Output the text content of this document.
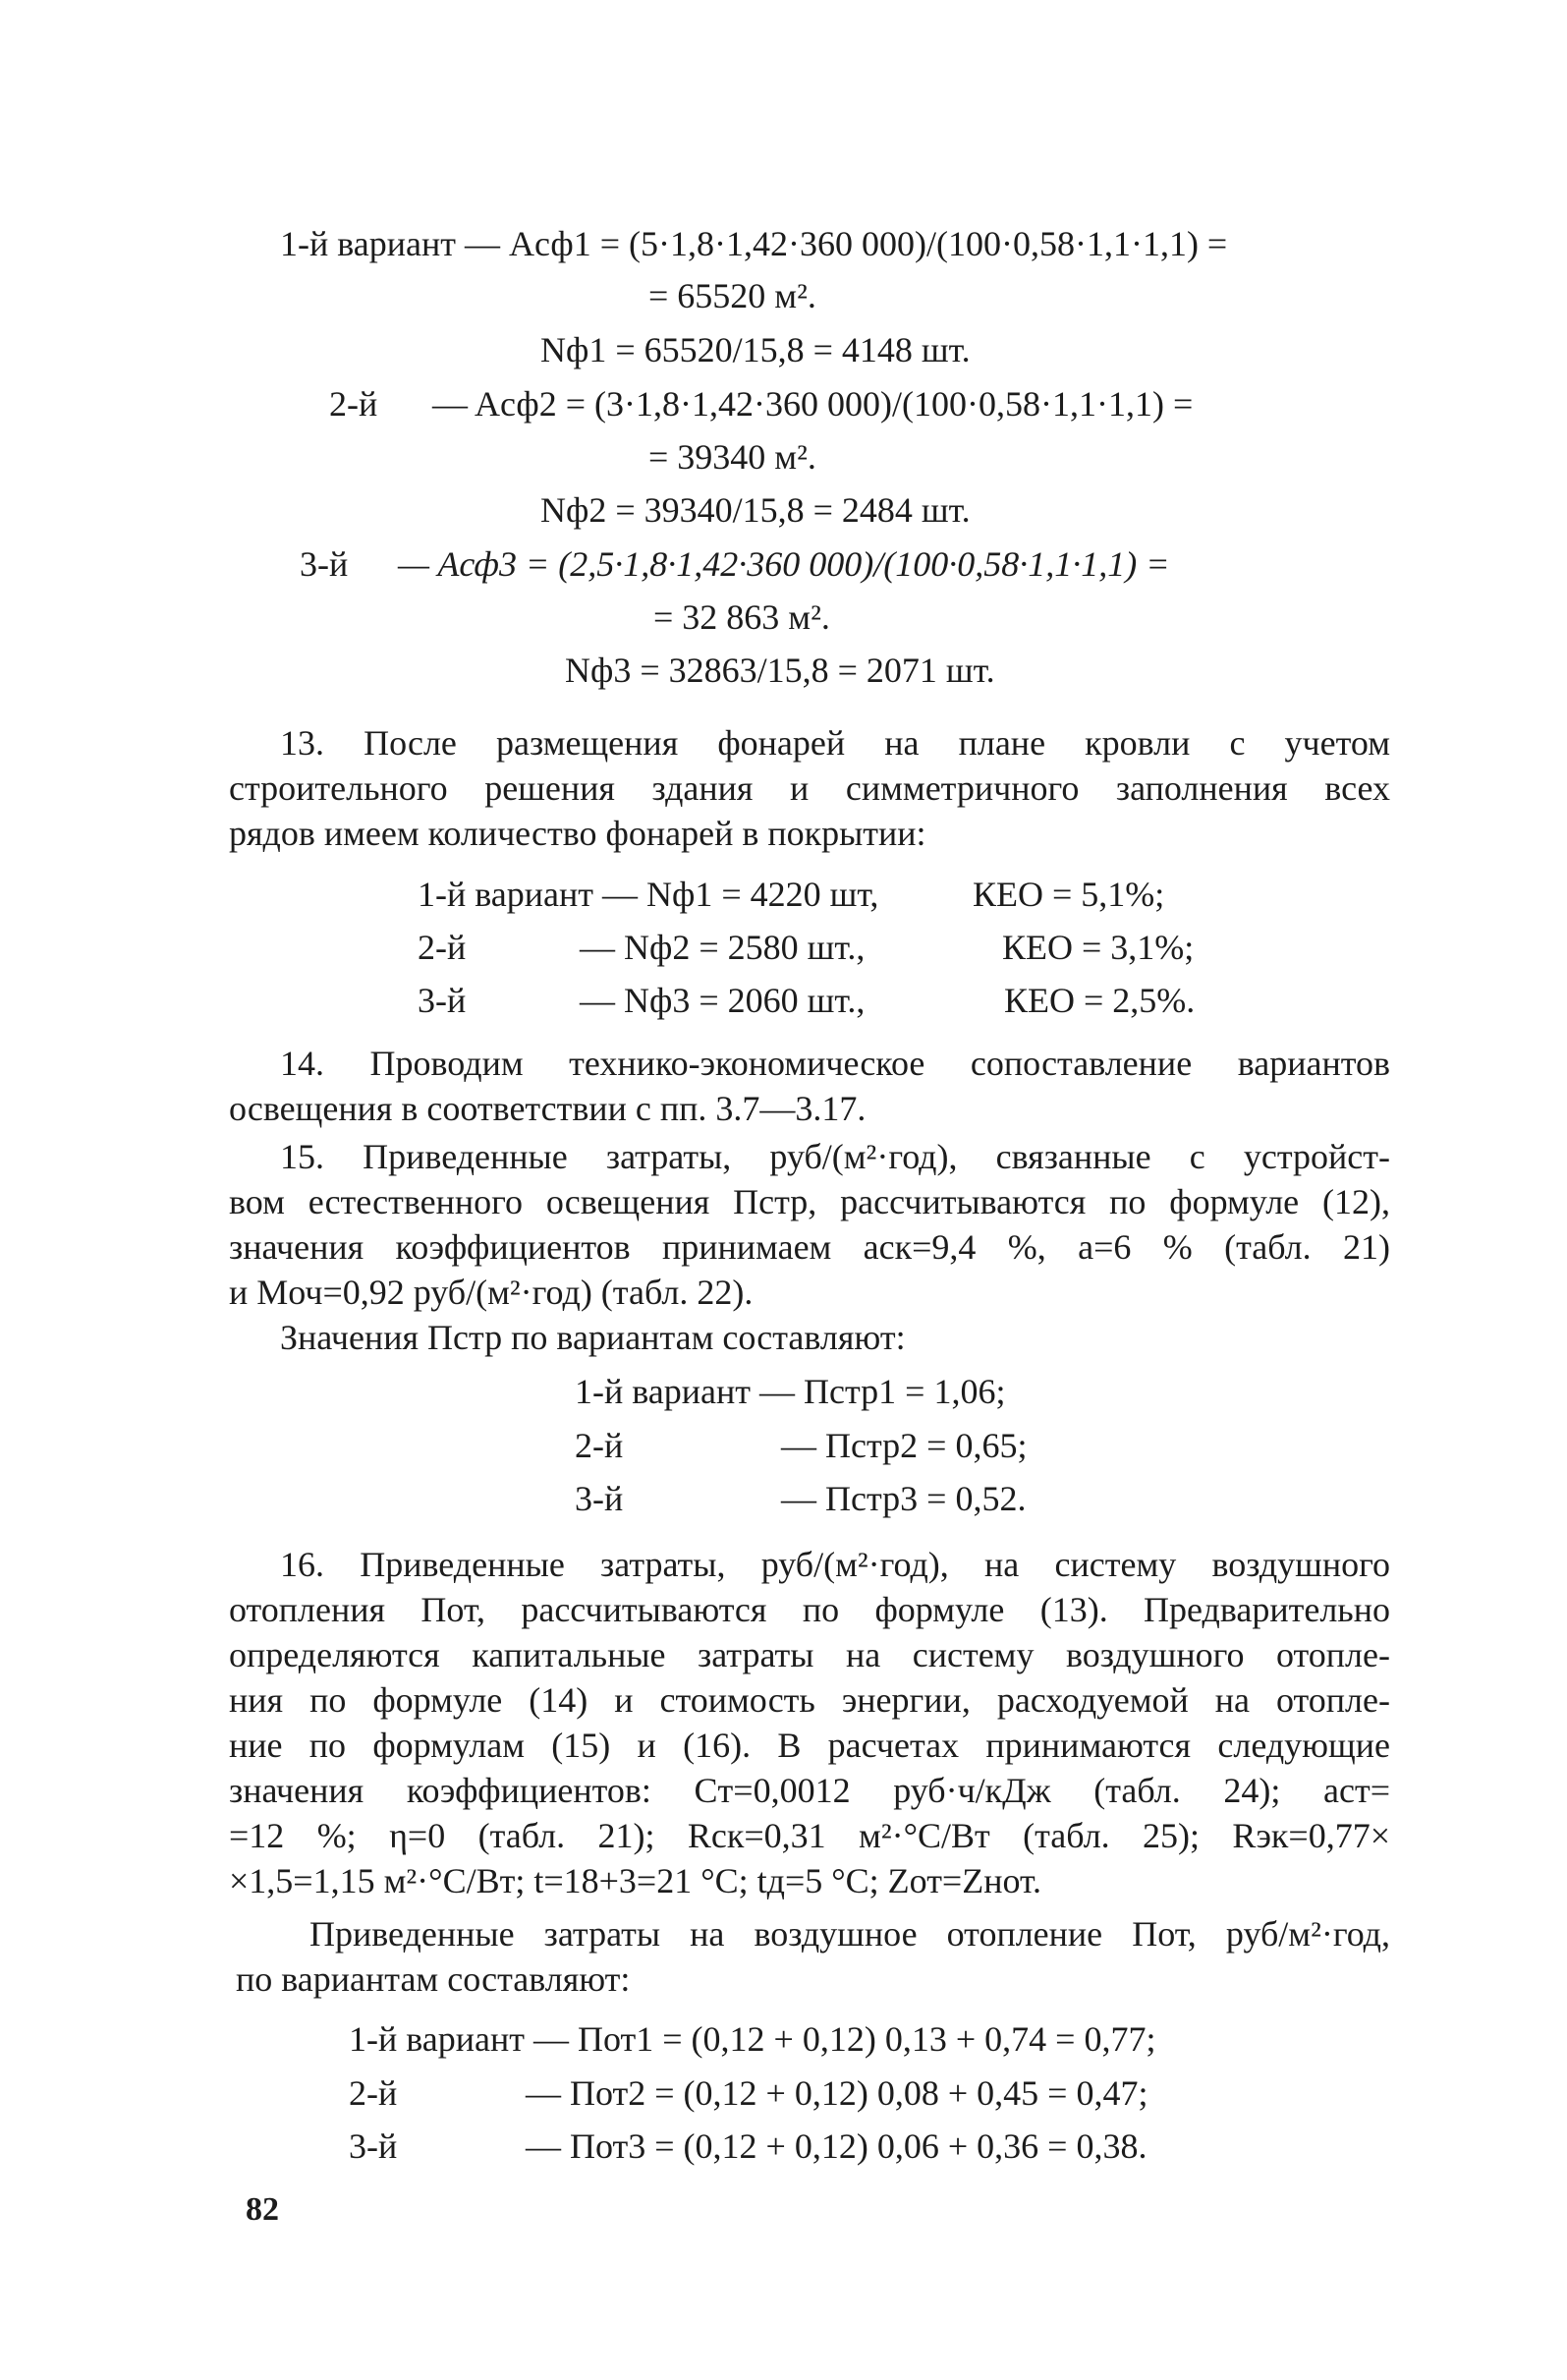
1-й вариант — Aсф1 = (5·1,8·1,42·360 000)/(100·0,58·1,1·1,1) =
= 65520 м².
Nф1 = 65520/15,8 = 4148 шт.
2-й — Aсф2 = (3·1,8·1,42·360 000)/(100·0,58·1,1·1,1) =
= 39340 м².
Nф2 = 39340/15,8 = 2484 шт.
3-й — Aсф3 = (2,5·1,8·1,42·360 000)/(100·0,58·1,1·1,1) =
= 32 863 м².
Nф3 = 32863/15,8 = 2071 шт.
13. После размещения фонарей на плане кровли с учетом
строительного решения здания и симметричного заполнения всех
рядов имеем количество фонарей в покрытии:
1-й вариант — Nф1 = 4220 шт,	КЕО = 5,1%;
2-й	— Nф2 = 2580 шт.,	КЕО = 3,1%;
3-й	— Nф3 = 2060 шт.,	КЕО = 2,5%.
14. Проводим технико-экономическое сопоставление вариантов
освещения в соответствии с пп. 3.7—3.17.
15. Приведенные затраты, руб/(м²·год), связанные с устройст-
вом естественного освещения Пстр, рассчитываются по формуле (12),
значения коэффициентов принимаем aск=9,4 %, a=6 % (табл. 21)
и Mоч=0,92 руб/(м²·год) (табл. 22).
Значения Пстр по вариантам составляют:
1-й вариант — Пстр1 = 1,06;
2-й	— Пстр2 = 0,65;
3-й	— Пстр3 = 0,52.
16. Приведенные затраты, руб/(м²·год), на систему воздушного
отопления Пот, рассчитываются по формуле (13). Предварительно
определяются капитальные затраты на систему воздушного отопле-
ния по формуле (14) и стоимость энергии, расходуемой на отопле-
ние по формулам (15) и (16). В расчетах принимаются следующие
значения коэффициентов: Cт=0,0012 руб·ч/кДж (табл. 24); aст=
=12 %; η=0 (табл. 21); Rск=0,31 м²·°С/Вт (табл. 25); Rэк=0,77×
×1,5=1,15 м²·°С/Вт; t=18+3=21 °С; tд=5 °С; Zот=Zнот.
Приведенные затраты на воздушное отопление Пот, руб/м²·год,
по вариантам составляют:
1-й вариант — Пот1 = (0,12 + 0,12) 0,13 + 0,74 = 0,77;
2-й	— Пот2 = (0,12 + 0,12) 0,08 + 0,45 = 0,47;
3-й	— Пот3 = (0,12 + 0,12) 0,06 + 0,36 = 0,38.
82
